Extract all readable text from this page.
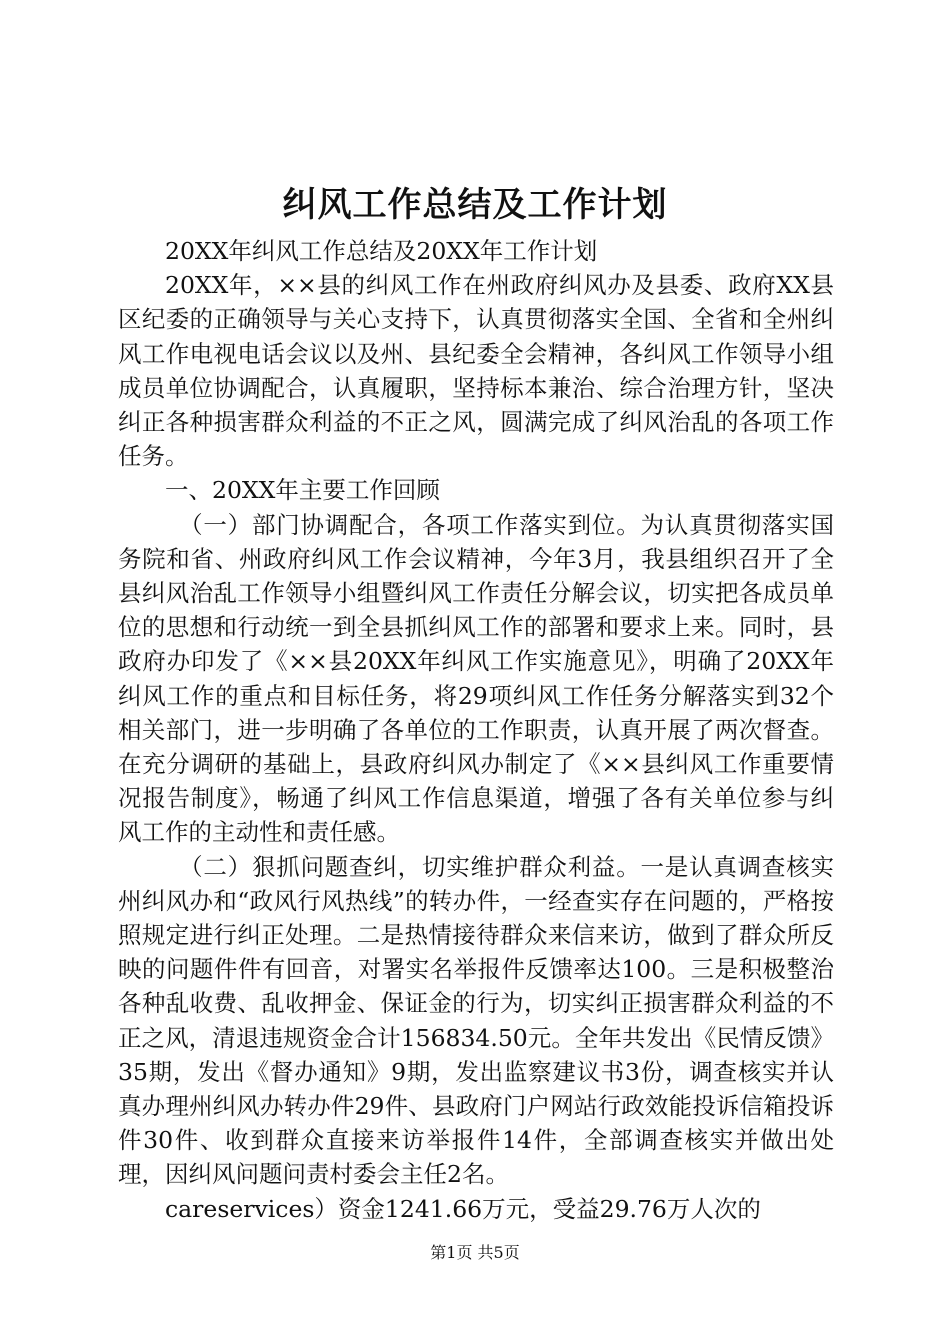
纠风工作总结及工作计划

20XX年纠风工作总结及20XX年工作计划

20XX年，××县的纠风工作在州政府纠风办及县委、政府XX县区纪委的正确领导与关心支持下，认真贯彻落实全国、全省和全州纠风工作电视电话会议以及州、县纪委全会精神，各纠风工作领导小组成员单位协调配合，认真履职，坚持标本兼治、综合治理方针，坚决纠正各种损害群众利益的不正之风，圆满完成了纠风治乱的各项工作任务。

一、20XX年主要工作回顾

（一）部门协调配合，各项工作落实到位。为认真贯彻落实国务院和省、州政府纠风工作会议精神，今年3月，我县组织召开了全县纠风治乱工作领导小组暨纠风工作责任分解会议，切实把各成员单位的思想和行动统一到全县抓纠风工作的部署和要求上来。同时，县政府办印发了《××县20XX年纠风工作实施意见》，明确了20XX年纠风工作的重点和目标任务，将29项纠风工作任务分解落实到32个相关部门，进一步明确了各单位的工作职责，认真开展了两次督查。在充分调研的基础上，县政府纠风办制定了《××县纠风工作重要情况报告制度》，畅通了纠风工作信息渠道，增强了各有关单位参与纠风工作的主动性和责任感。

（二）狠抓问题查纠，切实维护群众利益。一是认真调查核实州纠风办和“政风行风热线”的转办件，一经查实存在问题的，严格按照规定进行纠正处理。二是热情接待群众来信来访，做到了群众所反映的问题件件有回音，对署实名举报件反馈率达100。三是积极整治各种乱收费、乱收押金、保证金的行为，切实纠正损害群众利益的不正之风，清退违规资金合计156834.50元。全年共发出《民情反馈》35期，发出《督办通知》9期，发出监察建议书3份，调查核实并认真办理州纠风办转办件29件、县政府门户网站行政效能投诉信箱投诉件30件、收到群众直接来访举报件14件，全部调查核实并做出处理，因纠风问题问责村委会主任2名。

careservices）资金1241.66万元，受益29.76万人次的

第1页 共5页
